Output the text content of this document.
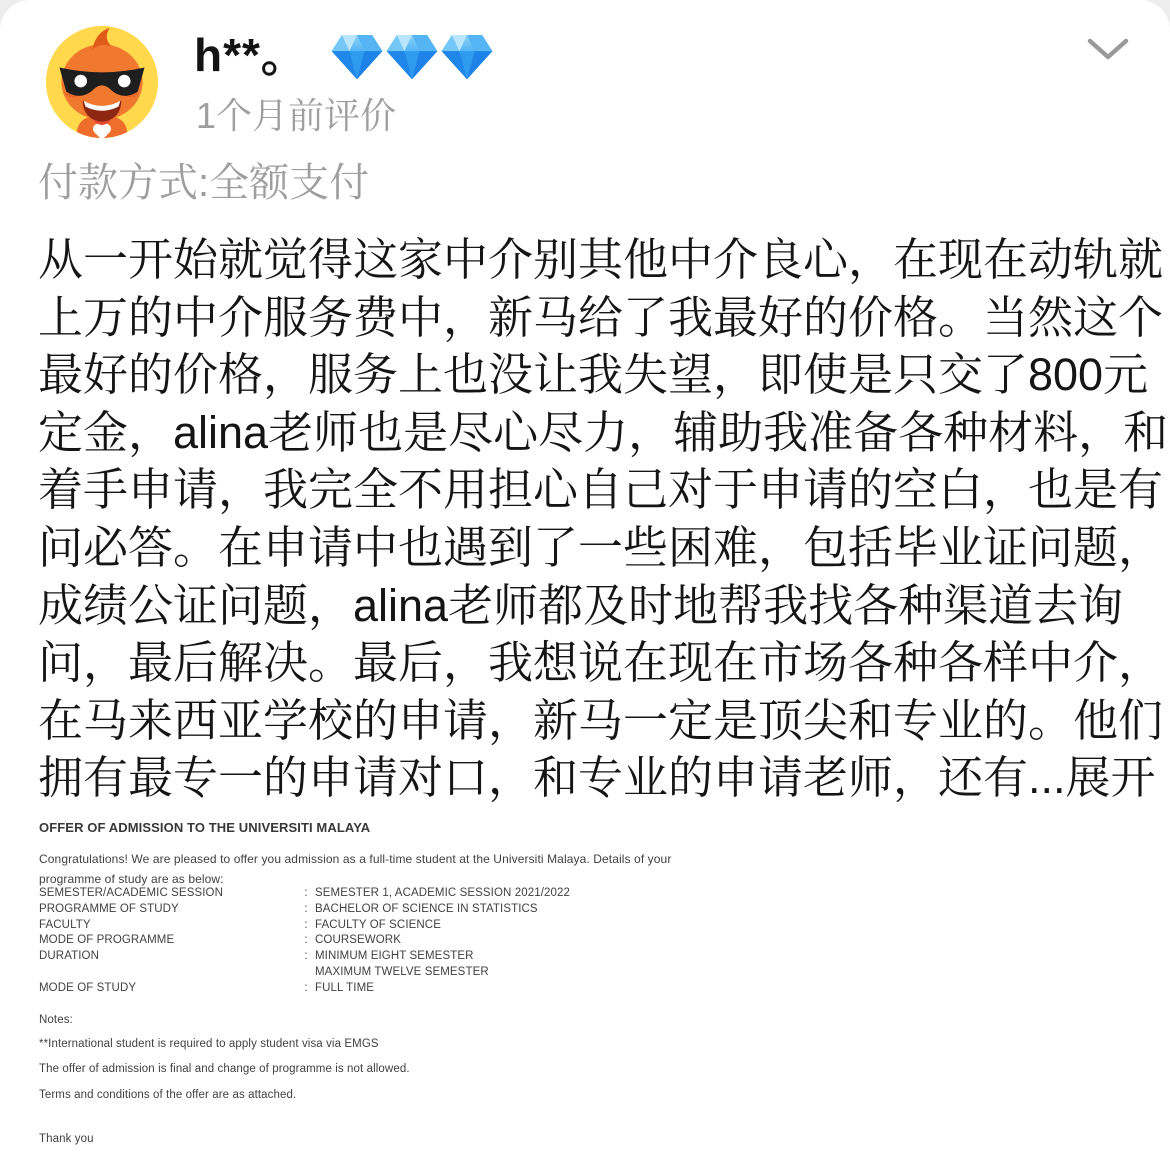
h**。
1个月前评价
付款方式:全额支付
从一开始就觉得这家中介别其他中介良心，在现在动轨就
上万的中介服务费中，新马给了我最好的价格。当然这个
最好的价格，服务上也没让我失望，即使是只交了800元
定金，alina老师也是尽心尽力，辅助我准备各种材料，和
着手申请，我完全不用担心自己对于申请的空白，也是有
问必答。在申请中也遇到了一些困难，包括毕业证问题，
成绩公证问题，alina老师都及时地帮我找各种渠道去询
问，最后解决。最后，我想说在现在市场各种各样中介，
在马来西亚学校的申请，新马一定是顶尖和专业的。他们
拥有最专一的申请对口，和专业的申请老师，还有...展开
OFFER OF ADMISSION TO THE UNIVERSITI MALAYA
Congratulations! We are pleased to offer you admission as a full-time student at the Universiti Malaya. Details of your
programme of study are as below:
SEMESTER/ACADEMIC SESSION	: SEMESTER 1, ACADEMIC SESSION 2021/2022
PROGRAMME OF STUDY	: BACHELOR OF SCIENCE IN STATISTICS
FACULTY	: FACULTY OF SCIENCE
MODE OF PROGRAMME	: COURSEWORK
DURATION	: MINIMUM EIGHT SEMESTER
MAXIMUM TWELVE SEMESTER
MODE OF STUDY	: FULL TIME
Notes:
**International student is required to apply student visa via EMGS
The offer of admission is final and change of programme is not allowed.
Terms and conditions of the offer are as attached.
Thank you
